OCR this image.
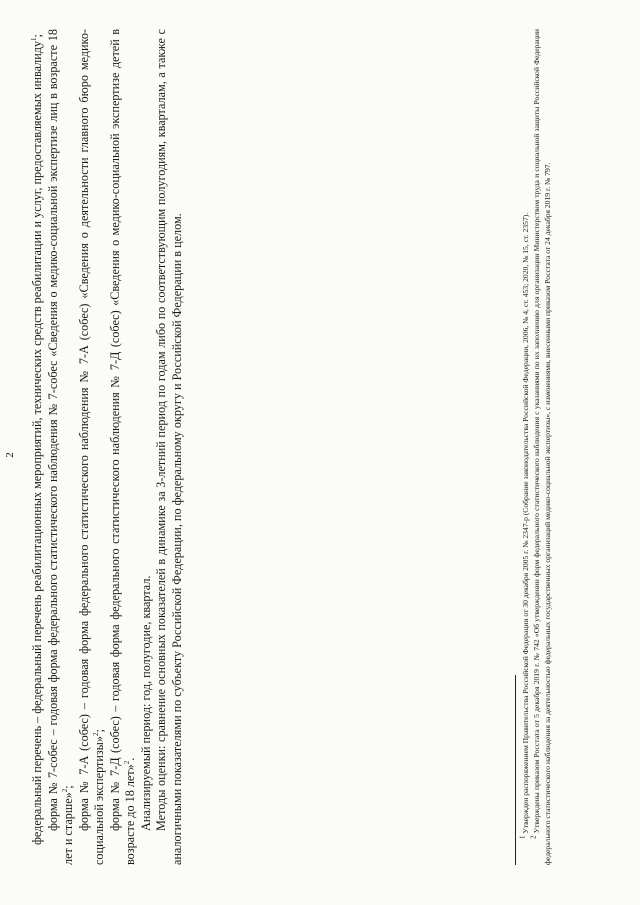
2 федеральный перечень – федеральный перечень реабилитационных мероприятий, технических средств реабилитации и услуг, предоставляемых инвалиду$^1$; форма № 7-собес – годовая форма федерального статистического наблюдения № 7-собес «Сведения о медико-социальной экспертизе лиц в возрасте 18 лет и старше»$^2$; форма № 7-А (собес) – годовая форма федерального статистического наблюдения № 7-А (собес) «Сведения о деятельности главного бюро медико-социальной экспертизы»$^2$; форма № 7-Д (собес) – годовая форма федерального статистического наблюдения № 7-Д (собес) «Сведения о медико-социальной экспертизе детей в возрасте до 18 лет»$^2$. Анализируемый период: год, полугодие, квартал. Методы оценки: сравнение основных показателей в динамике за 3-летний период по годам либо по соответствующим полугодиям, кварталам, а также с аналогичными показателями по субъекту Российской Федерации, по федеральному округу и Российской Федерации в целом.	$^1$ Утвержден распоряжением Правительства Российской Федерации от 30 декабря 2005 г. № 2347-р (Собрание законодательства Российской Федерации, 2006, № 4, ст. 453; 2020, № 15, ст. 2357).

$^2$ Утверждены приказом Росстата от 5 декабря 2019 г. № 742 «Об утверждении форм федерального статистического наблюдения с указаниями по их заполнению для организации Министерством труда и социальной защиты Российской Федерации федерального статистического наблюдения за деятельностью федеральных государственных организаций медико-социальной экспертизы», с изменениями, внесенными приказом Росстата от 24 декабря 2019 г. № 797.
